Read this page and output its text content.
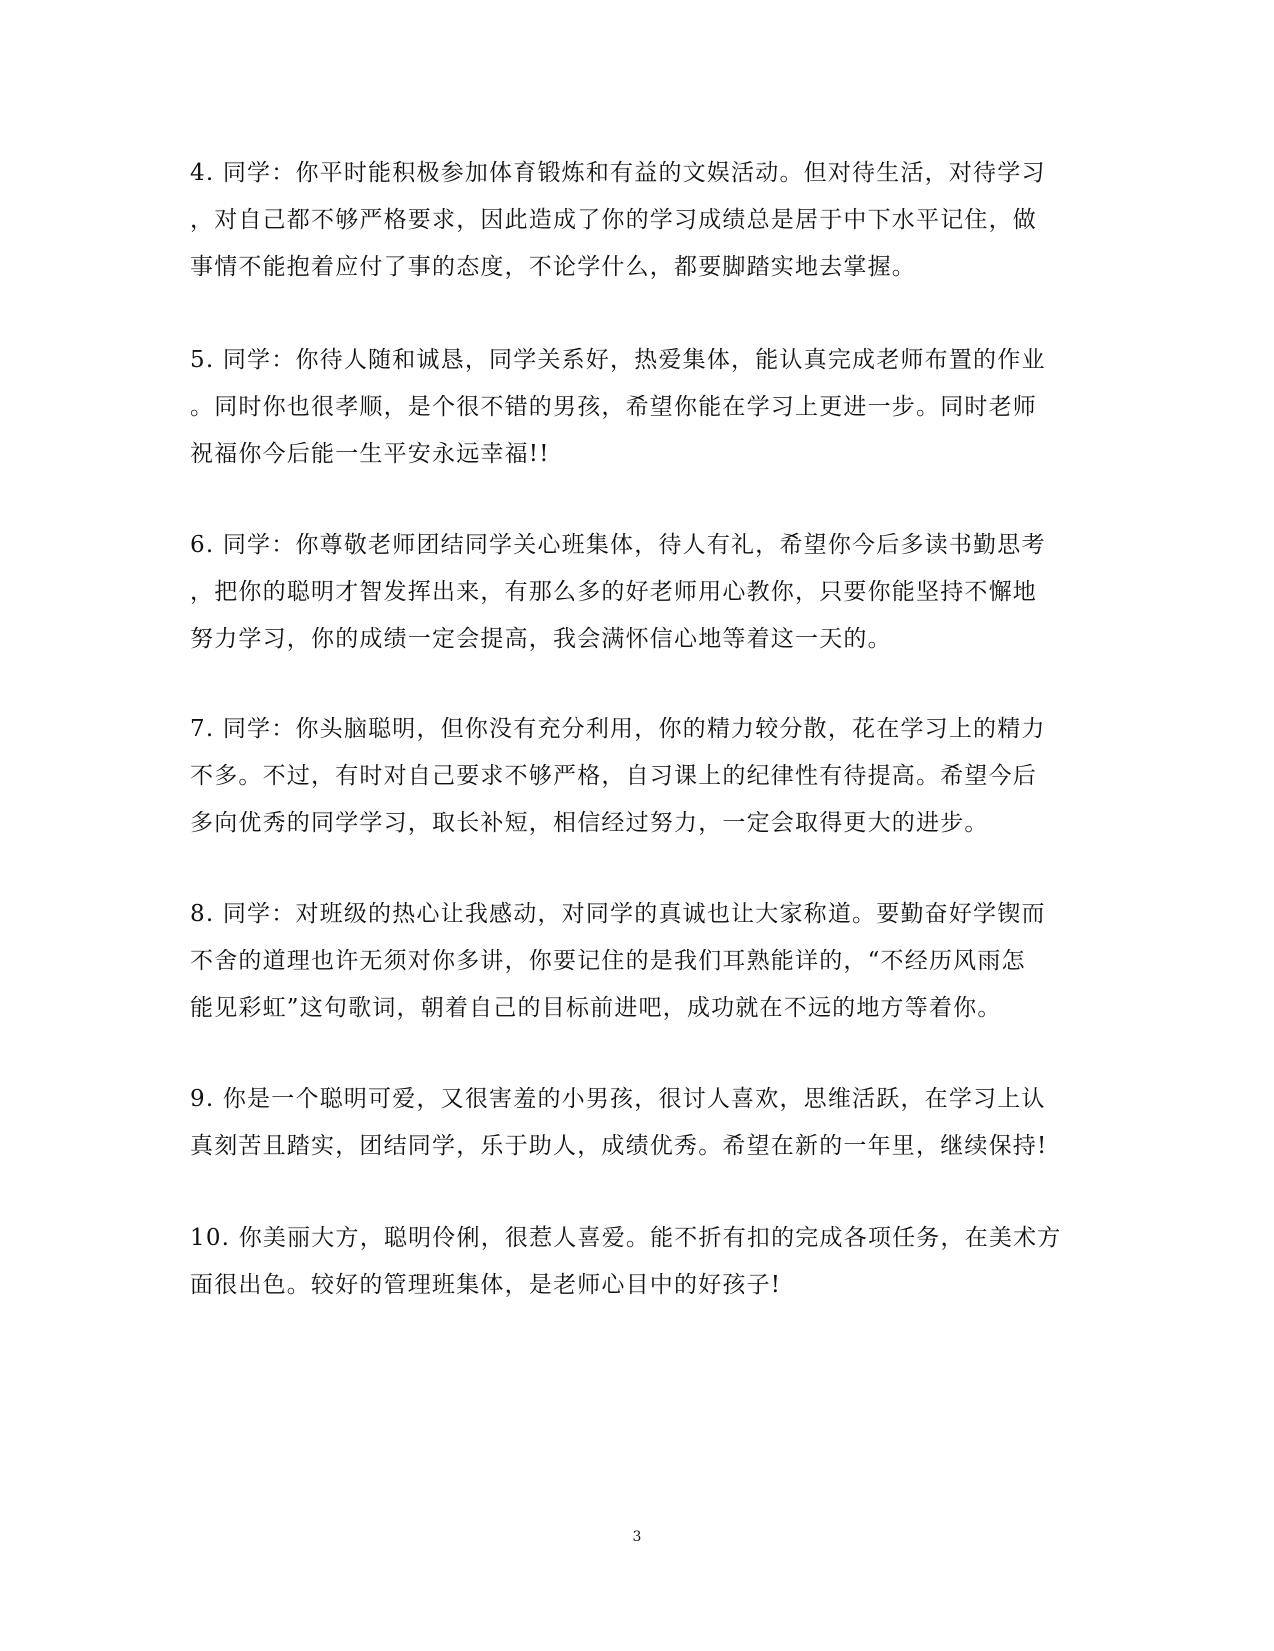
4. 同学：你平时能积极参加体育锻炼和有益的文娱活动。但对待生活，对待学习
，对自己都不够严格要求，因此造成了你的学习成绩总是居于中下水平记住，做
事情不能抱着应付了事的态度，不论学什么，都要脚踏实地去掌握。
5. 同学：你待人随和诚恳，同学关系好，热爱集体，能认真完成老师布置的作业
。同时你也很孝顺，是个很不错的男孩，希望你能在学习上更进一步。同时老师
祝福你今后能一生平安永远幸福!!
6. 同学：你尊敬老师团结同学关心班集体，待人有礼，希望你今后多读书勤思考
，把你的聪明才智发挥出来，有那么多的好老师用心教你，只要你能坚持不懈地
努力学习，你的成绩一定会提高，我会满怀信心地等着这一天的。
7. 同学：你头脑聪明，但你没有充分利用，你的精力较分散，花在学习上的精力
不多。不过，有时对自己要求不够严格，自习课上的纪律性有待提高。希望今后
多向优秀的同学学习，取长补短，相信经过努力，一定会取得更大的进步。
8. 同学：对班级的热心让我感动，对同学的真诚也让大家称道。要勤奋好学锲而
不舍的道理也许无须对你多讲，你要记住的是我们耳熟能详的，“不经历风雨怎
能见彩虹”这句歌词，朝着自己的目标前进吧，成功就在不远的地方等着你。
9. 你是一个聪明可爱，又很害羞的小男孩，很讨人喜欢，思维活跃，在学习上认
真刻苦且踏实，团结同学，乐于助人，成绩优秀。希望在新的一年里，继续保持!
10. 你美丽大方，聪明伶俐，很惹人喜爱。能不折有扣的完成各项任务，在美术方
面很出色。较好的管理班集体，是老师心目中的好孩子!
3
